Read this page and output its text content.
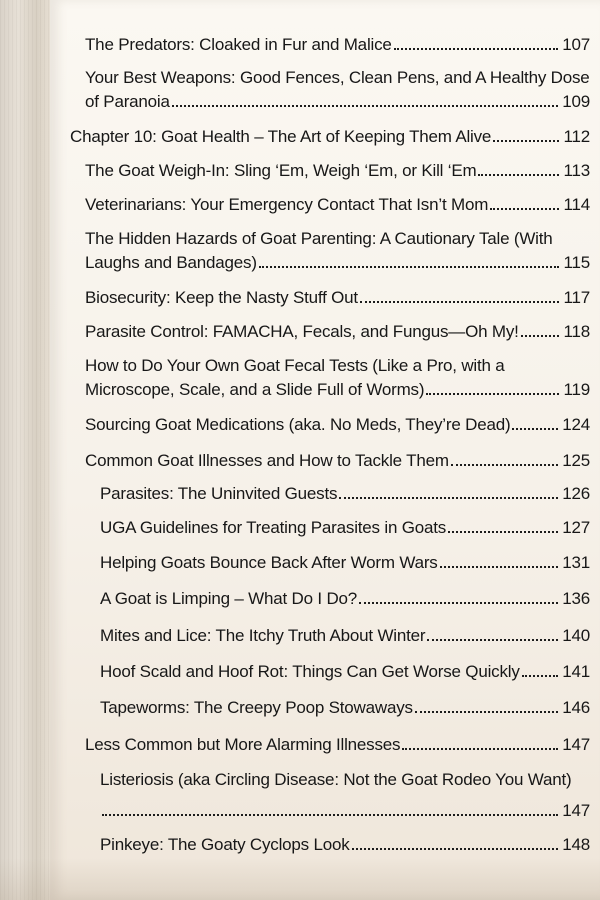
The Predators: Cloaked in Fur and Malice	107
Your Best Weapons: Good Fences, Clean Pens, and A Healthy Dose
of Paranoia	109
Chapter 10: Goat Health – The Art of Keeping Them Alive	112
The Goat Weigh-In: Sling ‘Em, Weigh ‘Em, or Kill ‘Em	113
Veterinarians: Your Emergency Contact That Isn’t Mom	114
The Hidden Hazards of Goat Parenting: A Cautionary Tale (With
Laughs and Bandages)	115
Biosecurity: Keep the Nasty Stuff Out	117
Parasite Control: FAMACHA, Fecals, and Fungus—Oh My!	118
How to Do Your Own Goat Fecal Tests (Like a Pro, with a
Microscope, Scale, and a Slide Full of Worms)	119
Sourcing Goat Medications (aka. No Meds, They’re Dead)	124
Common Goat Illnesses and How to Tackle Them	125
Parasites: The Uninvited Guests	126
UGA Guidelines for Treating Parasites in Goats	127
Helping Goats Bounce Back After Worm Wars	131
A Goat is Limping – What Do I Do?	136
Mites and Lice: The Itchy Truth About Winter	140
Hoof Scald and Hoof Rot: Things Can Get Worse Quickly	141
Tapeworms: The Creepy Poop Stowaways	146
Less Common but More Alarming Illnesses	147
Listeriosis (aka Circling Disease: Not the Goat Rodeo You Want)
147
Pinkeye: The Goaty Cyclops Look	148
